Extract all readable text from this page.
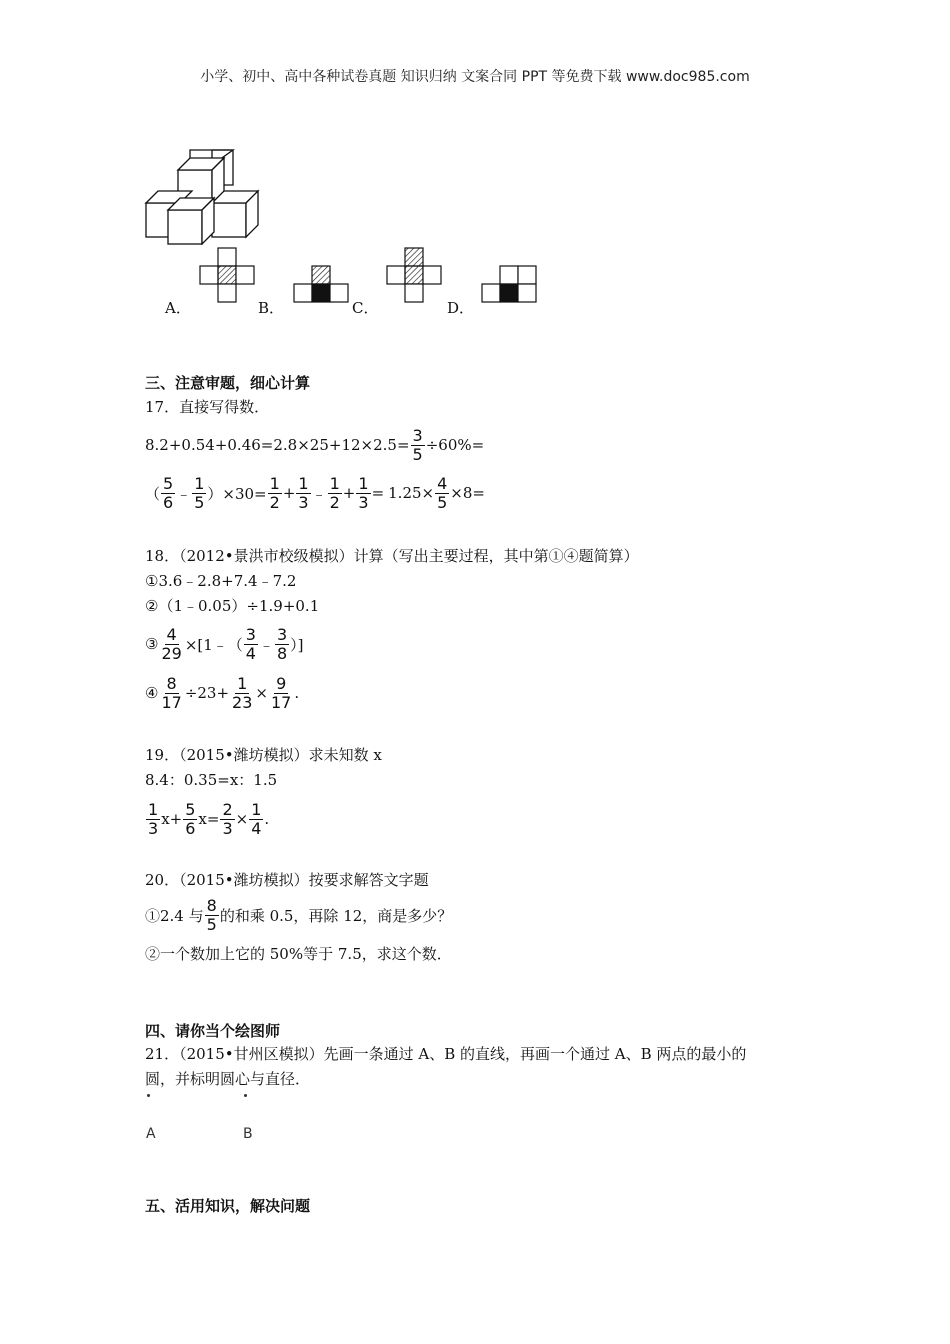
小学、初中、高中各种试卷真题 知识归纳 文案合同 PPT 等免费下载 www.doc985.com
A．	B．	C．	D．
三、注意审题，细心计算
17．直接写得数．
$8.2+0.54+0.46= 2.8\times 25+12\times 2.5= \frac{3}{5} \div 60\%=$
（ $\frac{5}{6}$ ﹣ $\frac{1}{5} )\times 30= \frac{1}{2} + \frac{1}{3}$ ﹣ $\frac{1}{2} + \frac{1}{3} = 1.25\times \frac{4}{5} \times 8=$
18．（2012•景洪市校级模拟）计算（写出主要过程，其中第①④题简算）
①3.6﹣2.8+7.4﹣7.2
②（1﹣0.05）÷1.9+0.1
③ $\frac{4}{29}$ ×[1﹣（ $\frac{3}{4}$ ﹣ $\frac{3}{8}$ ）]
④ $\frac{8}{17} \div 23+ \frac{1}{23} \times \frac{9}{17}$ .
19．（2015•潍坊模拟）求未知数 x
8.4：0.35=x：1.5
$\frac{1}{3} x+ \frac{5}{6} x= \frac{2}{3} \times \frac{1}{4}$ .
20．（2015•潍坊模拟）按要求解答文字题
①2.4 与 $\frac{8}{5}$ 的和乘 0.5，再除 12，商是多少？
②一个数加上它的 50%等于 7.5，求这个数．
四、请你当个绘图师
21．（2015•甘州区模拟）先画一条通过 A、B 的直线，再画一个通过 A、B 两点的最小的
圆，并标明圆心与直径．
A	B
五、活用知识，解决问题
